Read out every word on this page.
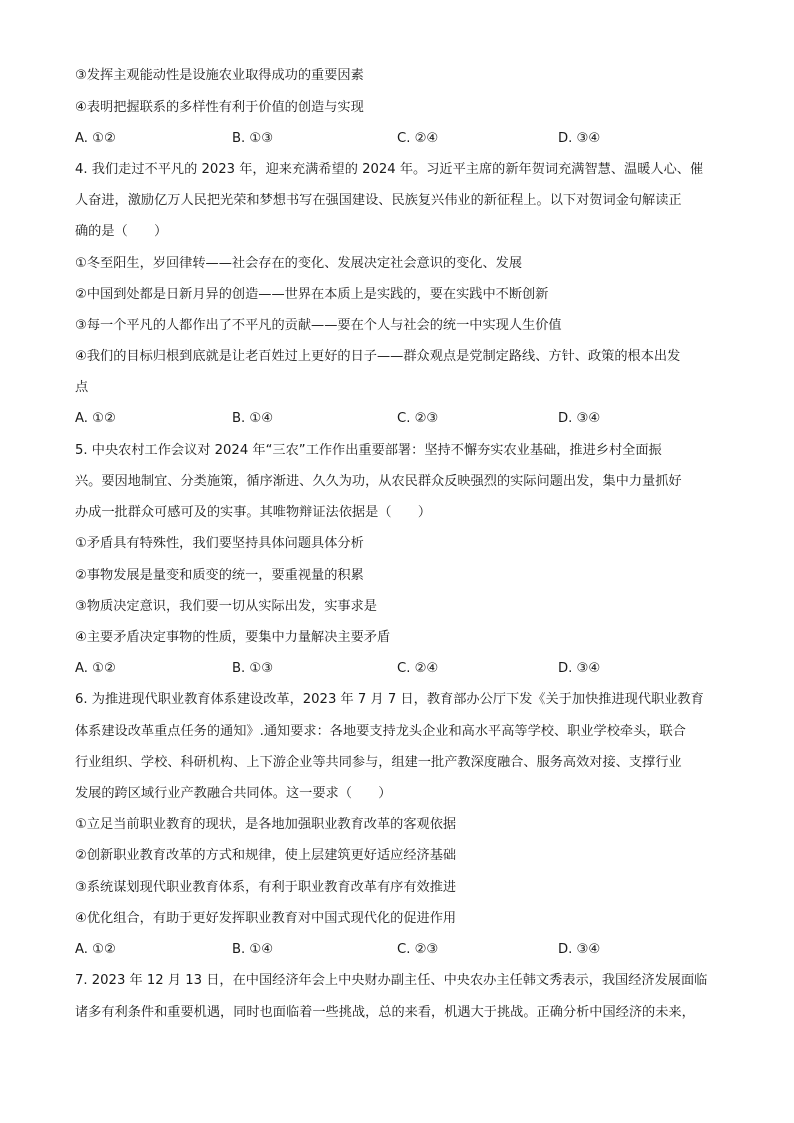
③发挥主观能动性是设施农业取得成功的重要因素
④表明把握联系的多样性有利于价值的创造与实现
A. ①②	B. ①③	C. ②④	D. ③④
4. 我们走过不平凡的 2023 年，迎来充满希望的 2024 年。习近平主席的新年贺词充满智慧、温暖人心、催
人奋进，激励亿万人民把光荣和梦想书写在强国建设、民族复兴伟业的新征程上。以下对贺词金句解读正
确的是（　　）
①冬至阳生，岁回律转——社会存在的变化、发展决定社会意识的变化、发展
②中国到处都是日新月异的创造——世界在本质上是实践的，要在实践中不断创新
③每一个平凡的人都作出了不平凡的贡献——要在个人与社会的统一中实现人生价值
④我们的目标归根到底就是让老百姓过上更好的日子——群众观点是党制定路线、方针、政策的根本出发
点
A. ①②	B. ①④	C. ②③	D. ③④
5. 中央农村工作会议对 2024 年“三农”工作作出重要部署：坚持不懈夯实农业基础，推进乡村全面振
兴。要因地制宜、分类施策，循序渐进、久久为功，从农民群众反映强烈的实际问题出发，集中力量抓好
办成一批群众可感可及的实事。其唯物辩证法依据是（　　）
①矛盾具有特殊性，我们要坚持具体问题具体分析
②事物发展是量变和质变的统一，要重视量的积累
③物质决定意识，我们要一切从实际出发，实事求是
④主要矛盾决定事物的性质，要集中力量解决主要矛盾
A. ①②	B. ①③	C. ②④	D. ③④
6. 为推进现代职业教育体系建设改革，2023 年 7 月 7 日，教育部办公厅下发《关于加快推进现代职业教育
体系建设改革重点任务的通知》.通知要求：各地要支持龙头企业和高水平高等学校、职业学校牵头，联合
行业组织、学校、科研机构、上下游企业等共同参与，组建一批产教深度融合、服务高效对接、支撑行业
发展的跨区域行业产教融合共同体。这一要求（　　）
①立足当前职业教育的现状，是各地加强职业教育改革的客观依据
②创新职业教育改革的方式和规律，使上层建筑更好适应经济基础
③系统谋划现代职业教育体系，有利于职业教育改革有序有效推进
④优化组合，有助于更好发挥职业教育对中国式现代化的促进作用
A. ①②	B. ①④	C. ②③	D. ③④
7. 2023 年 12 月 13 日，在中国经济年会上中央财办副主任、中央农办主任韩文秀表示，我国经济发展面临
诸多有利条件和重要机遇，同时也面临着一些挑战，总的来看，机遇大于挑战。正确分析中国经济的未来，
